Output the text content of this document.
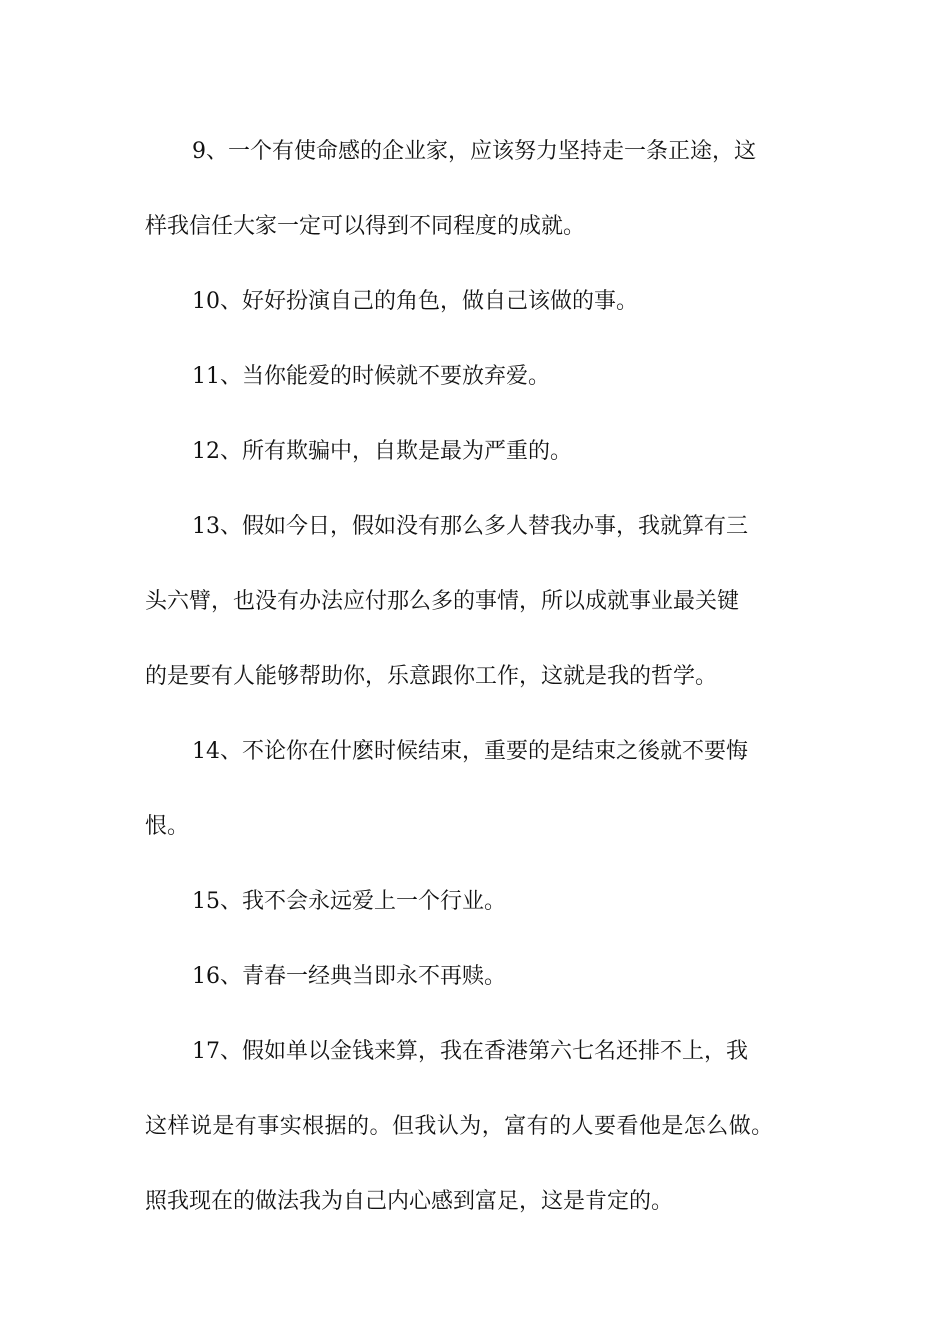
9、一个有使命感的企业家，应该努力坚持走一条正途，这
样我信任大家一定可以得到不同程度的成就。
10、好好扮演自己的角色，做自己该做的事。
11、当你能爱的时候就不要放弃爱。
12、所有欺骗中，自欺是最为严重的。
13、假如今日，假如没有那么多人替我办事，我就算有三
头六臂，也没有办法应付那么多的事情，所以成就事业最关键
的是要有人能够帮助你，乐意跟你工作，这就是我的哲学。
14、不论你在什麽时候结束，重要的是结束之後就不要悔
恨。
15、我不会永远爱上一个行业。
16、青春一经典当即永不再赎。
17、假如单以金钱来算，我在香港第六七名还排不上，我
这样说是有事实根据的。但我认为，富有的人要看他是怎么做。
照我现在的做法我为自己内心感到富足，这是肯定的。
